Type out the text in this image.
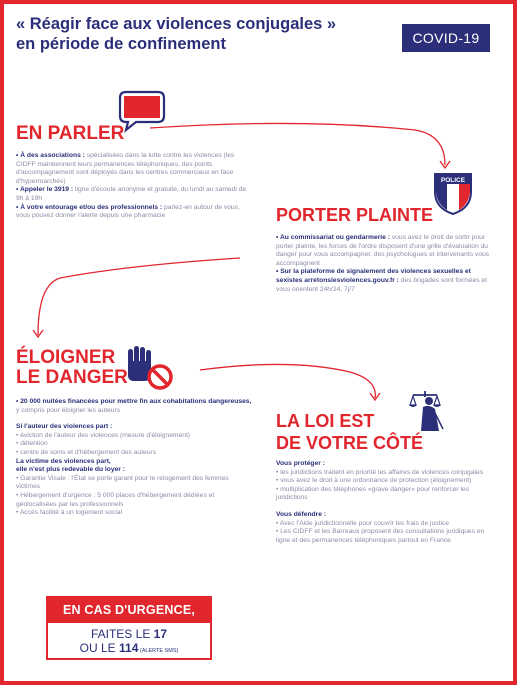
« Réagir face aux violences conjugales »
en période de confinement	COVID-19
EN PARLER
• À des associations : spécialisées dans la lutte contre les violences (les CIDFF maintiennent leurs permanences téléphoniques, des points d'accompagnement sont déployés dans les centres commerciaux en face d'hypermarchés)
• Appeler le 3919 : ligne d'écoute anonyme et gratuite, du lundi au samedi de 9h à 19h
• À votre entourage et/ou des professionnels : parlez-en autour de vous, vous pouvez donner l'alerte depuis une pharmacie
POLICE
PORTER PLAINTE
• Au commissariat ou gendarmerie : vous avez le droit de sortir pour porter plainte, les forces de l'ordre disposent d'une grille d'évaluation du danger pour vous accompagner, des psychologues et intervenants vous accompagnent
• Sur la plateforme de signalement des violences sexuelles et sexistes arretonslesviolences.gouv.fr : des brigades sont formées et vous orientent 24h/24, 7j/7
ÉLOIGNER
LE DANGER
• 20 000 nuitées financées pour mettre fin aux cohabitations dangereuses, y compris pour éloigner les auteurs
Si l'auteur des violences part :
• éviction de l'auteur des violences (mesure d'éloignement)
• détention
• centre de soins et d'hébergement des auteurs
La victime des violences part,
elle n'est plus redevable du loyer :
• Garantie Visale : l'État se porte garant pour le relogement des femmes victimes
• Hébergement d'urgence : 5 000 places d'hébergement dédiées et géolocalisées par les professionnels
• Accès facilité à un logement social
LA LOI EST
DE VOTRE CÔTÉ
Vous protéger :
• les juridictions traitent en priorité les affaires de violences conjugales
• vous avez le droit à une ordonnance de protection (éloignement)
• multiplication des téléphones «grave danger» pour renforcer les juridictions
Vous défendre :
• Avec l'Aide juridictionnelle pour couvrir les frais de justice
• Les CIDFF et les Barreaux proposent des consultations juridiques en ligne et des permanences téléphoniques partout en France
EN CAS D'URGENCE,
FAITES LE 17
OU LE 114 (ALERTE SMS)
